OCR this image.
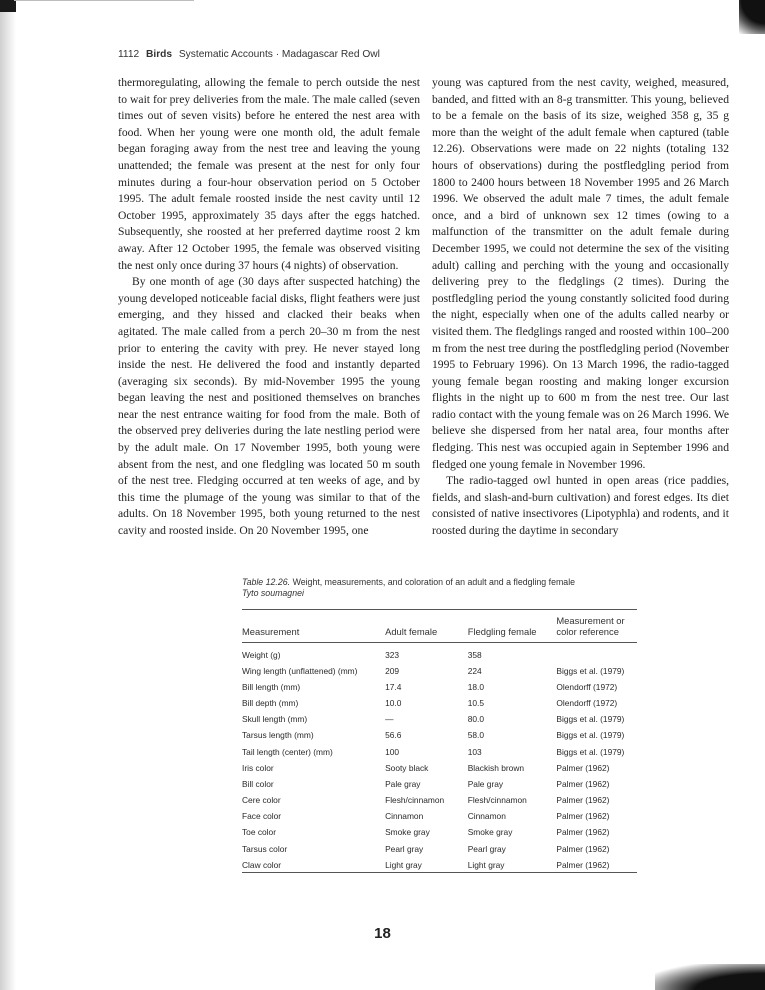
1112 Birds Systematic Accounts · Madagascar Red Owl

thermoregulating, allowing the female to perch outside the nest to wait for prey deliveries from the male. The male called (seven times out of seven visits) before he entered the nest area with food. When her young were one month old, the adult female began foraging away from the nest tree and leaving the young unattended; the female was present at the nest for only four minutes during a four-hour observation period on 5 October 1995. The adult female roosted inside the nest cavity until 12 October 1995, approximately 35 days after the eggs hatched. Subsequently, she roosted at her preferred daytime roost 2 km away. After 12 October 1995, the female was observed visiting the nest only once during 37 hours (4 nights) of observation.

By one month of age (30 days after suspected hatching) the young developed noticeable facial disks, flight feathers were just emerging, and they hissed and clacked their beaks when agitated. The male called from a perch 20–30 m from the nest prior to entering the cavity with prey. He never stayed long inside the nest. He delivered the food and instantly departed (averaging six seconds). By mid-November 1995 the young began leaving the nest and positioned themselves on branches near the nest entrance waiting for food from the male. Both of the observed prey deliveries during the late nestling period were by the adult male. On 17 November 1995, both young were absent from the nest, and one fledgling was located 50 m south of the nest tree. Fledging occurred at ten weeks of age, and by this time the plumage of the young was similar to that of the adults. On 18 November 1995, both young returned to the nest cavity and roosted inside. On 20 November 1995, one

young was captured from the nest cavity, weighed, measured, banded, and fitted with an 8-g transmitter. This young, believed to be a female on the basis of its size, weighed 358 g, 35 g more than the weight of the adult female when captured (table 12.26). Observations were made on 22 nights (totaling 132 hours of observations) during the postfledgling period from 1800 to 2400 hours between 18 November 1995 and 26 March 1996. We observed the adult male 7 times, the adult female once, and a bird of unknown sex 12 times (owing to a malfunction of the transmitter on the adult female during December 1995, we could not determine the sex of the visiting adult) calling and perching with the young and occasionally delivering prey to the fledglings (2 times). During the postfledgling period the young constantly solicited food during the night, especially when one of the adults called nearby or visited them. The fledglings ranged and roosted within 100–200 m from the nest tree during the postfledgling period (November 1995 to February 1996). On 13 March 1996, the radio-tagged young female began roosting and making longer excursion flights in the night up to 600 m from the nest tree. Our last radio contact with the young female was on 26 March 1996. We believe she dispersed from her natal area, four months after fledging. This nest was occupied again in September 1996 and fledged one young female in November 1996.

The radio-tagged owl hunted in open areas (rice paddies, fields, and slash-and-burn cultivation) and forest edges. Its diet consisted of native insectivores (Lipotyphla) and rodents, and it roosted during the daytime in secondary

Table 12.26. Weight, measurements, and coloration of an adult and a fledgling female
Tyto soumagnei
Measurement	Adult female	Fledgling female	Measurement or color reference
Weight (g)	323	358	
Wing length (unflattened) (mm)	209	224	Biggs et al. (1979)
Bill length (mm)	17.4	18.0	Olendorff (1972)
Bill depth (mm)	10.0	10.5	Olendorff (1972)
Skull length (mm)	—	80.0	Biggs et al. (1979)
Tarsus length (mm)	56.6	58.0	Biggs et al. (1979)
Tail length (center) (mm)	100	103	Biggs et al. (1979)
Iris color	Sooty black	Blackish brown	Palmer (1962)
Bill color	Pale gray	Pale gray	Palmer (1962)
Cere color	Flesh/cinnamon	Flesh/cinnamon	Palmer (1962)
Face color	Cinnamon	Cinnamon	Palmer (1962)
Toe color	Smoke gray	Smoke gray	Palmer (1962)
Tarsus color	Pearl gray	Pearl gray	Palmer (1962)
Claw color	Light gray	Light gray	Palmer (1962)
18
